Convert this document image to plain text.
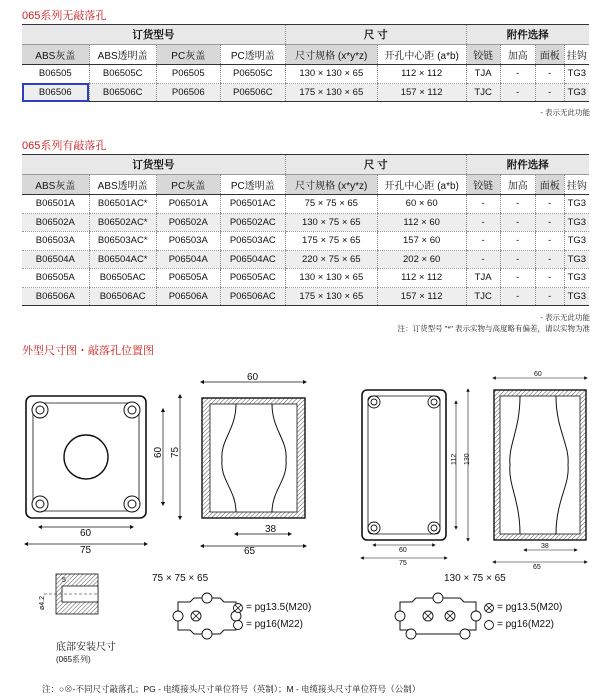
065系列无敲落孔
订货型号				尺 寸		附件选择			
ABS灰盖	ABS透明盖	PC灰盖	PC透明盖	尺寸规格 (x*y*z)	开孔中心距 (a*b)	铰链	加高	面板	挂钩
B06505	B06505C	P06505	P06505C	130 × 130 × 65	112 × 112	TJA	-	-	TG3
B06506	B06506C	P06506	P06506C	175 × 130 × 65	157 × 112	TJC	-	-	TG3
- 表示无此功能
065系列有敲落孔
订货型号				尺 寸		附件选择			
ABS灰盖	ABS透明盖	PC灰盖	PC透明盖	尺寸规格 (x*y*z)	开孔中心距 (a*b)	铰链	加高	面板	挂钩
B06501A	B06501AC*	P06501A	P06501AC	75 × 75 × 65	60 × 60	-	-	-	TG3
B06502A	B06502AC*	P06502A	P06502AC	130 × 75 × 65	112 × 60	-	-	-	TG3
B06503A	B06503AC*	P06503A	P06503AC	175 × 75 × 65	157 × 60	-	-	-	TG3
B06504A	B06504AC*	P06504A	P06504AC	220 × 75 × 65	202 × 60	-	-	-	TG3
B06505A	B06505AC	P06505A	P06505AC	130 × 130 × 65	112 × 112	TJA	-	-	TG3
B06506A	B06506AC	P06506A	P06506AC	175 × 130 × 65	157 × 112	TJC	-	-	TG3
- 表示无此功能
注：订货型号 "*" 表示实物与高度略有偏差，请以实物为准
外型尺寸图・敲落孔位置图
60
75
60 75
60
38
65	60
75
112 130
60
38
65
ø4.2
5	75 × 75 × 65	130 × 75 × 65
= pg13.5(M20)
= pg16(M22)
= pg13.5(M20)
= pg16(M22)
底部安装尺寸
(065系列)
注：○⊗-不同尺寸敲落孔；PG - 电缆接头尺寸单位符号（英制）；M - 电缆接头尺寸单位符号（公制）
